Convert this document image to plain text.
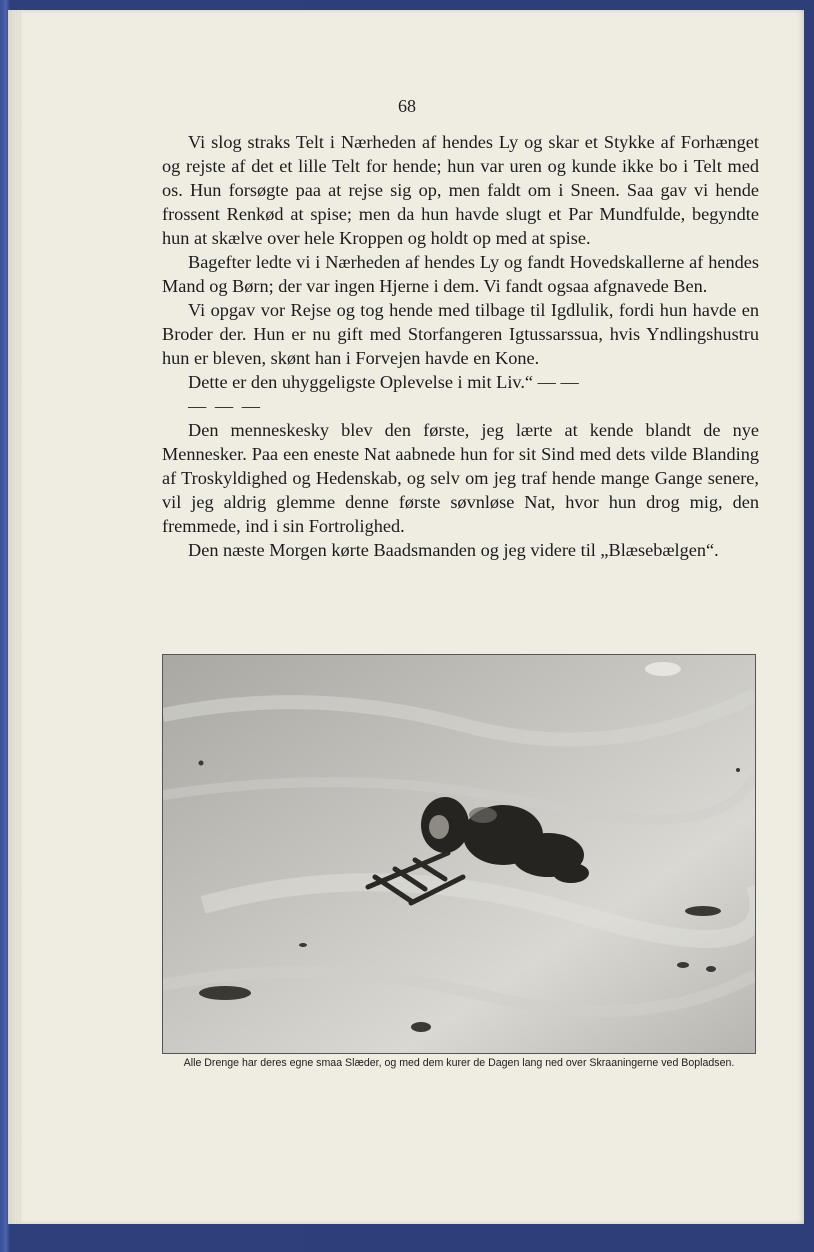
68

Vi slog straks Telt i Nærheden af hendes Ly og skar et Stykke af Forhænget og rejste af det et lille Telt for hende; hun var uren og kunde ikke bo i Telt med os. Hun forsøgte paa at rejse sig op, men faldt om i Sneen. Saa gav vi hende frossent Renkød at spise; men da hun havde slugt et Par Mundfulde, begyndte hun at skælve over hele Kroppen og holdt op med at spise.

Bagefter ledte vi i Nærheden af hendes Ly og fandt Hovedskallerne af hendes Mand og Børn; der var ingen Hjerne i dem. Vi fandt ogsaa afgnavede Ben.

Vi opgav vor Rejse og tog hende med tilbage til Igdlulik, fordi hun havde en Broder der. Hun er nu gift med Storfangeren Igtussarssua, hvis Yndlingshustru hun er bleven, skønt han i Forvejen havde en Kone.

Dette er den uhyggeligste Oplevelse i mit Liv.“ — —

— — —

Den menneskesky blev den første, jeg lærte at kende blandt de nye Mennesker. Paa een eneste Nat aabnede hun for sit Sind med dets vilde Blanding af Troskyldighed og Hedenskab, og selv om jeg traf hende mange Gange senere, vil jeg aldrig glemme denne første søvnløse Nat, hvor hun drog mig, den fremmede, ind i sin Fortrolighed.

Den næste Morgen kørte Baadsmanden og jeg videre til „Blæsebælgen“.

Alle Drenge har deres egne smaa Slæder, og med dem kurer de Dagen lang ned over Skraaningerne ved Bopladsen.
